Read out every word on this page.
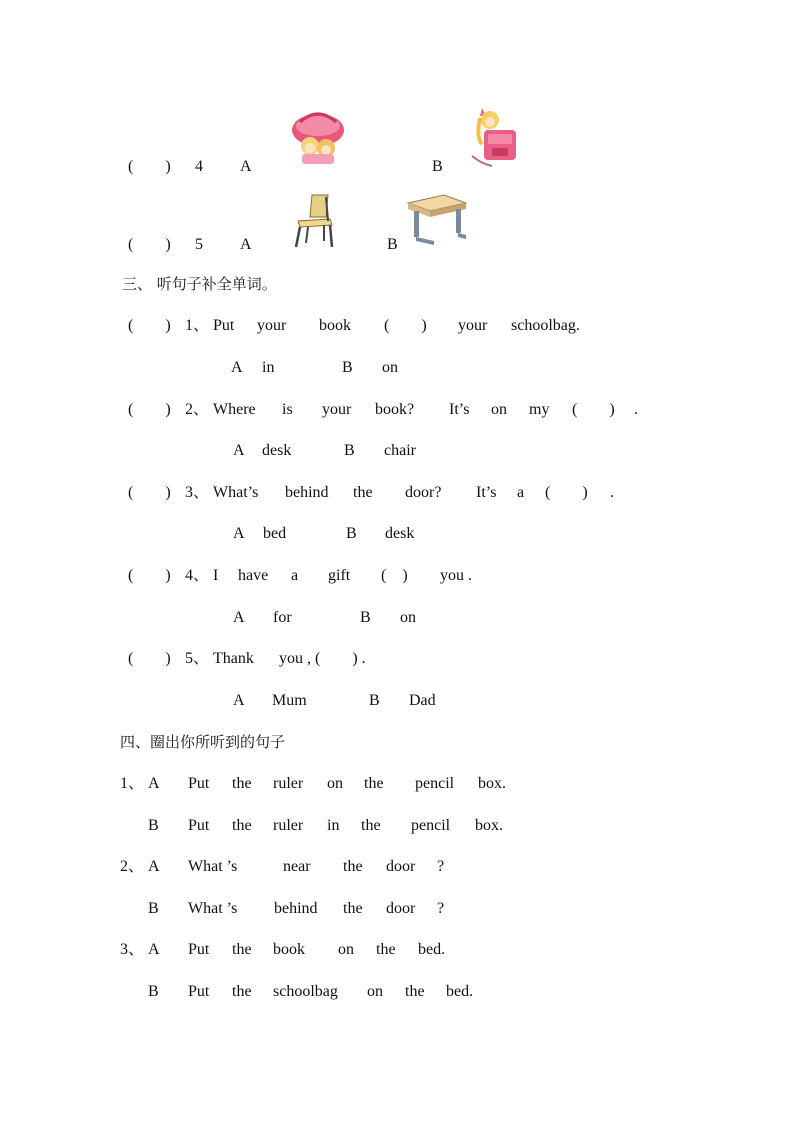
(　　) 4 A	B
(　　) 5 A	B
三、 听句子补全单词。
(　　) 1、 Put your book (　　) your schoolbag.
A in	B on
(　　) 2、 Where is your book? It’s on my (　　) .
A desk	B chair
(　　) 3、 What’s behind the door? It’s a (　　) .
A bed	B desk
(　　) 4、 I have a gift (　) you .
A for	B on
(　　) 5、 Thank you , (　　) .
A Mum	B Dad
四、圈出你所听到的句子
1、 A Put the ruler on the pencil box.
B Put the ruler in the pencil box.
2、 A What ’s	near the door ?
B What ’s behind the door ?
3、 A Put the book on the bed.
B Put the schoolbag on the bed.
